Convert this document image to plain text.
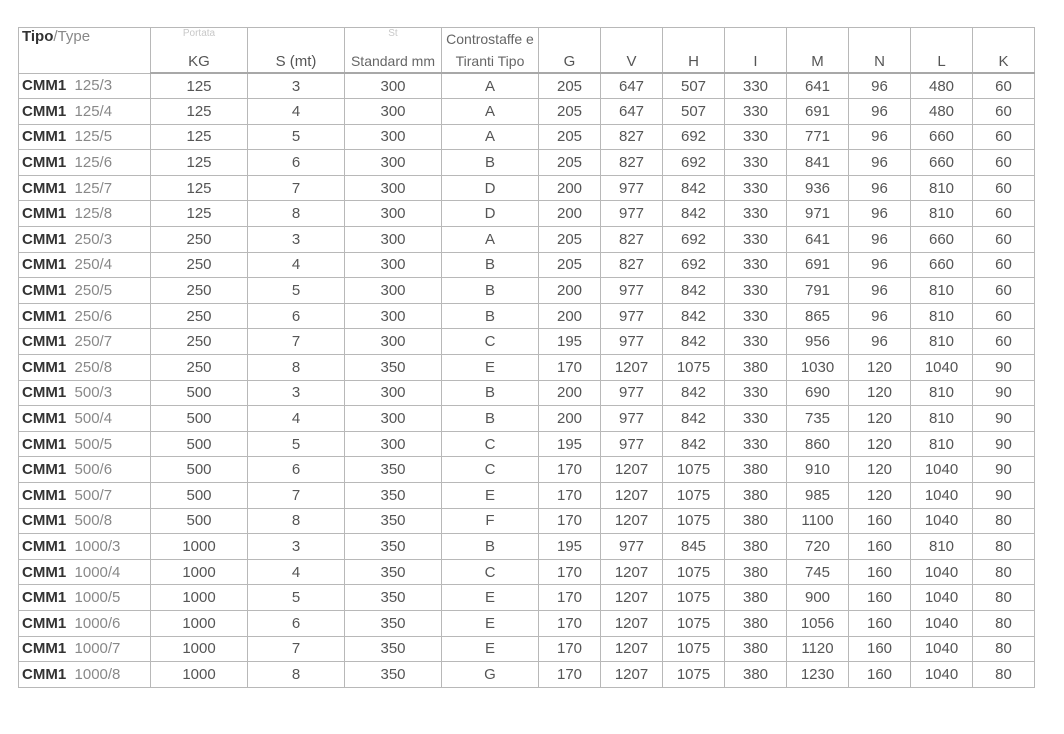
Tipo/Type	Portata		St	Controstaffe e								
	KG	S (mt)	Standard mm	Tiranti Tipo	G	V	H	I	M	N	L	K
CMM1 125/3	125	3	300	A	205	647	507	330	641	96	480	60
CMM1 125/4	125	4	300	A	205	647	507	330	691	96	480	60
CMM1 125/5	125	5	300	A	205	827	692	330	771	96	660	60
CMM1 125/6	125	6	300	B	205	827	692	330	841	96	660	60
CMM1 125/7	125	7	300	D	200	977	842	330	936	96	810	60
CMM1 125/8	125	8	300	D	200	977	842	330	971	96	810	60
CMM1 250/3	250	3	300	A	205	827	692	330	641	96	660	60
CMM1 250/4	250	4	300	B	205	827	692	330	691	96	660	60
CMM1 250/5	250	5	300	B	200	977	842	330	791	96	810	60
CMM1 250/6	250	6	300	B	200	977	842	330	865	96	810	60
CMM1 250/7	250	7	300	C	195	977	842	330	956	96	810	60
CMM1 250/8	250	8	350	E	170	1207	1075	380	1030	120	1040	90
CMM1 500/3	500	3	300	B	200	977	842	330	690	120	810	90
CMM1 500/4	500	4	300	B	200	977	842	330	735	120	810	90
CMM1 500/5	500	5	300	C	195	977	842	330	860	120	810	90
CMM1 500/6	500	6	350	C	170	1207	1075	380	910	120	1040	90
CMM1 500/7	500	7	350	E	170	1207	1075	380	985	120	1040	90
CMM1 500/8	500	8	350	F	170	1207	1075	380	1100	160	1040	80
CMM1 1000/3	1000	3	350	B	195	977	845	380	720	160	810	80
CMM1 1000/4	1000	4	350	C	170	1207	1075	380	745	160	1040	80
CMM1 1000/5	1000	5	350	E	170	1207	1075	380	900	160	1040	80
CMM1 1000/6	1000	6	350	E	170	1207	1075	380	1056	160	1040	80
CMM1 1000/7	1000	7	350	E	170	1207	1075	380	1120	160	1040	80
CMM1 1000/8	1000	8	350	G	170	1207	1075	380	1230	160	1040	80
